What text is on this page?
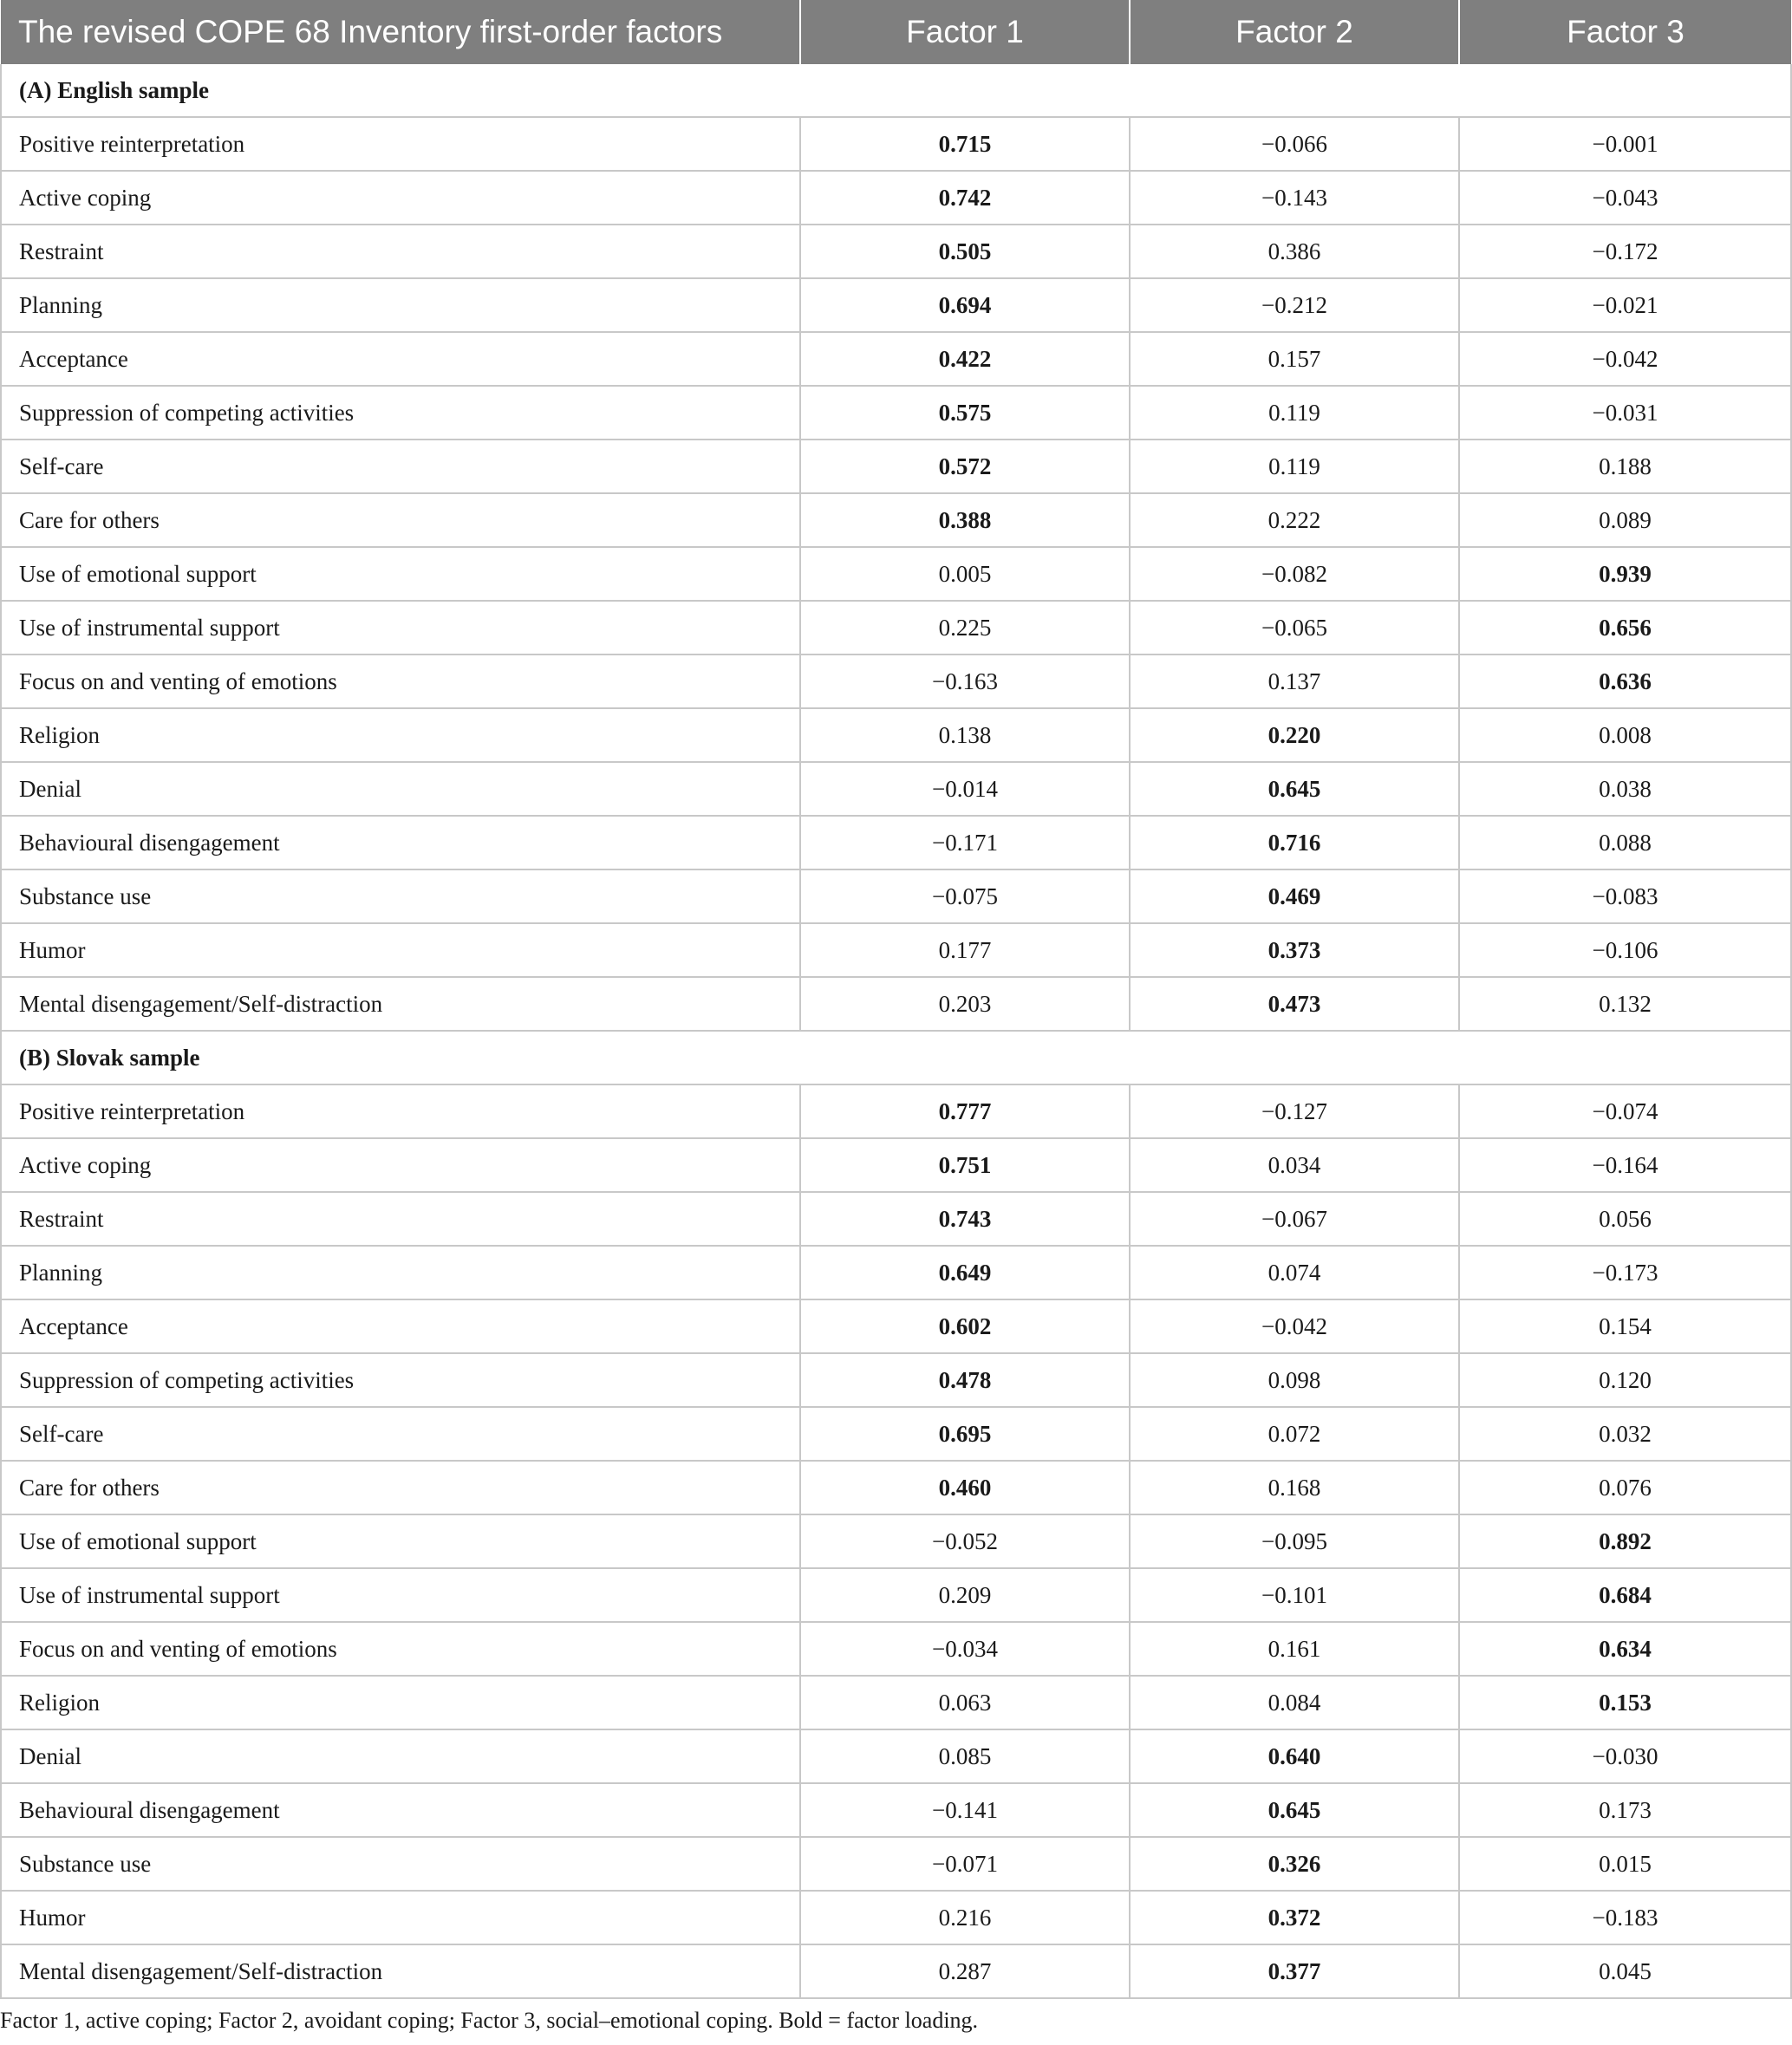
The revised COPE 68 Inventory first-order factors	Factor 1	Factor 2	Factor 3
(A) English sample			
Positive reinterpretation	0.715	−0.066	−0.001
Active coping	0.742	−0.143	−0.043
Restraint	0.505	0.386	−0.172
Planning	0.694	−0.212	−0.021
Acceptance	0.422	0.157	−0.042
Suppression of competing activities	0.575	0.119	−0.031
Self-care	0.572	0.119	0.188
Care for others	0.388	0.222	0.089
Use of emotional support	0.005	−0.082	0.939
Use of instrumental support	0.225	−0.065	0.656
Focus on and venting of emotions	−0.163	0.137	0.636
Religion	0.138	0.220	0.008
Denial	−0.014	0.645	0.038
Behavioural disengagement	−0.171	0.716	0.088
Substance use	−0.075	0.469	−0.083
Humor	0.177	0.373	−0.106
Mental disengagement/Self-distraction	0.203	0.473	0.132
(B) Slovak sample			
Positive reinterpretation	0.777	−0.127	−0.074
Active coping	0.751	0.034	−0.164
Restraint	0.743	−0.067	0.056
Planning	0.649	0.074	−0.173
Acceptance	0.602	−0.042	0.154
Suppression of competing activities	0.478	0.098	0.120
Self-care	0.695	0.072	0.032
Care for others	0.460	0.168	0.076
Use of emotional support	−0.052	−0.095	0.892
Use of instrumental support	0.209	−0.101	0.684
Focus on and venting of emotions	−0.034	0.161	0.634
Religion	0.063	0.084	0.153
Denial	0.085	0.640	−0.030
Behavioural disengagement	−0.141	0.645	0.173
Substance use	−0.071	0.326	0.015
Humor	0.216	0.372	−0.183
Mental disengagement/Self-distraction	0.287	0.377	0.045
Factor 1, active coping; Factor 2, avoidant coping; Factor 3, social–emotional coping. Bold = factor loading.
